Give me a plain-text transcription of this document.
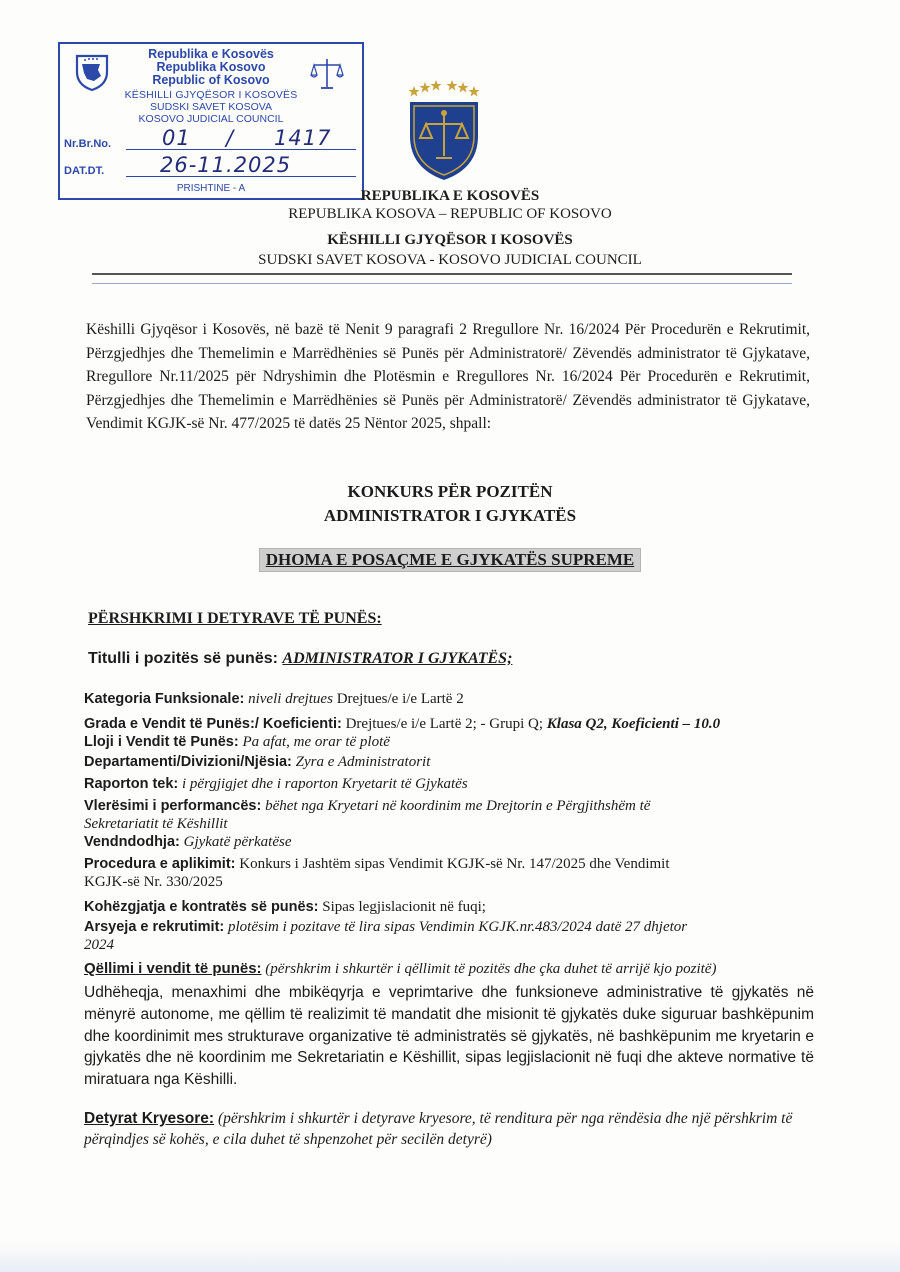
Republika e Kosovës
Republika Kosovo
Republic of Kosovo
KËSHILLI GJYQËSOR I KOSOVËS
SUDSKI SAVET KOSOVA
KOSOVO JUDICIAL COUNCIL
Nr.Br.No. 01 / 1417
DAT.DT.	26-11.2025
PRISHTINE - A	REPUBLIKA E KOSOVËS
REPUBLIKA KOSOVA – REPUBLIC OF KOSOVO
KËSHILLI GJYQËSOR I KOSOVËS
SUDSKI SAVET KOSOVA - KOSOVO JUDICIAL COUNCIL

Këshilli Gjyqësor i Kosovës, në bazë të Nenit 9 paragrafi 2 Rregullore Nr. 16/2024 Për Procedurën e Rekrutimit, Përzgjedhjes dhe Themelimin e Marrëdhënies së Punës për Administratorë/ Zëvendës administrator të Gjykatave, Rregullore Nr.11/2025 për Ndryshimin dhe Plotësmin e Rregullores Nr. 16/2024 Për Procedurën e Rekrutimit, Përzgjedhjes dhe Themelimin e Marrëdhënies së Punës për Administratorë/ Zëvendës administrator të Gjykatave, Vendimit KGJK-së Nr. 477/2025 të datës 25 Nëntor 2025, shpall:

KONKURS PËR POZITËN
ADMINISTRATOR I GJYKATËS
DHOMA E POSAÇME E GJYKATËS SUPREME
PËRSHKRIMI I DETYRAVE TË PUNËS:
Titulli i pozitës së punës: ADMINISTRATOR I GJYKATËS;
Kategoria Funksionale: niveli drejtues Drejtues/e i/e Lartë 2
Grada e Vendit të Punës:/ Koeficienti: Drejtues/e i/e Lartë 2; - Grupi Q; Klasa Q2, Koeficienti – 10.0
Lloji i Vendit të Punës: Pa afat, me orar të plotë
Departamenti/Divizioni/Njësia: Zyra e Administratorit
Raporton tek: i përgjigjet dhe i raporton Kryetarit të Gjykatës
Vlerësimi i performancës: bëhet nga Kryetari në koordinim me Drejtorin e Përgjithshëm të
Sekretariatit të Këshillit
Vendndodhja: Gjykatë përkatëse
Procedura e aplikimit: Konkurs i Jashtëm sipas Vendimit KGJK-së Nr. 147/2025 dhe Vendimit
KGJK-së Nr. 330/2025
Kohëzgjatja e kontratës së punës: Sipas legjislacionit në fuqi;
Arsyeja e rekrutimit: plotësim i pozitave të lira sipas Vendimin KGJK.nr.483/2024 datë 27 dhjetor
2024
Qëllimi i vendit të punës: (përshkrim i shkurtër i qëllimit të pozitës dhe çka duhet të arrijë kjo pozitë)

Udhëheqja, menaxhimi dhe mbikëqyrja e veprimtarive dhe funksioneve administrative të gjykatës në mënyrë autonome, me qëllim të realizimit të mandatit dhe misionit të gjykatës duke siguruar bashkëpunim dhe koordinimit mes strukturave organizative të administratës së gjykatës, në bashkëpunim me kryetarin e gjykatës dhe në koordinim me Sekretariatin e Këshillit, sipas legjislacionit në fuqi dhe akteve normative të miratuara nga Këshilli.

Detyrat Kryesore: (përshkrim i shkurtër i detyrave kryesore, të renditura për nga rëndësia dhe një përshkrim të përqindjes së kohës, e cila duhet të shpenzohet për secilën detyrë)
